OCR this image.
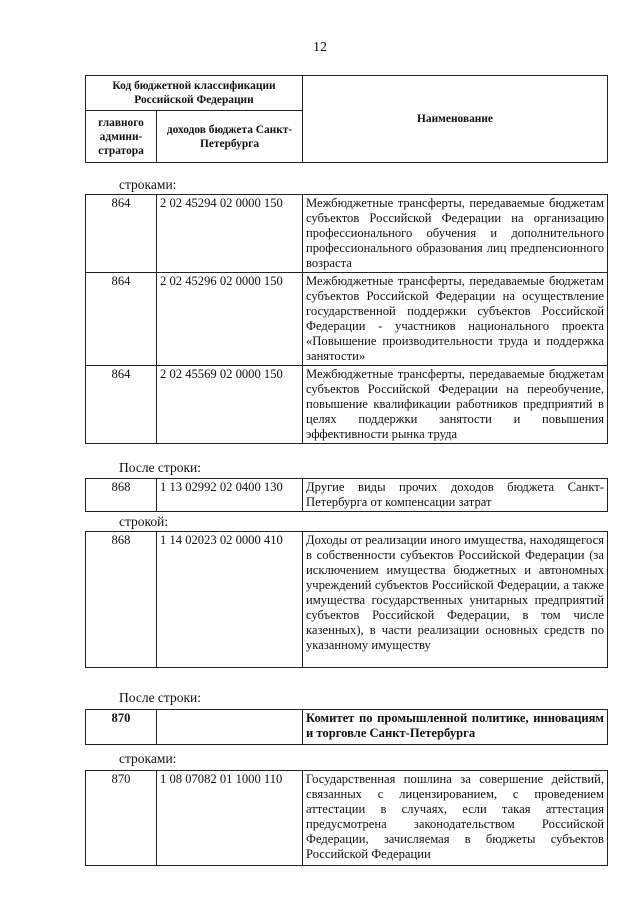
12
Код бюджетной классификации Российской Федерации		Наименование
главного админи-стратора	доходов бюджета Санкт-Петербурга	
строками:
864	2 02 45294 02 0000 150	Межбюджетные трансферты, передаваемые бюджетам субъектов Российской Федерации на организацию профессионального обучения и дополнительного профессионального образования лиц предпенсионного возраста

864	2 02 45296 02 0000 150	Межбюджетные трансферты, передаваемые бюджетам субъектов Российской Федерации на осуществление государственной поддержки субъектов Российской Федерации - участников национального проекта «Повышение производительности труда и поддержка занятости»

864	2 02 45569 02 0000 150	Межбюджетные трансферты, передаваемые бюджетам субъектов Российской Федерации на переобучение, повышение квалификации работников предприятий в целях поддержки занятости и повышения эффективности рынка труда
После строки:
868	1 13 02992 02 0400 130	Другие виды прочих доходов бюджета Санкт-Петербурга от компенсации затрат
строкой:
868	1 14 02023 02 0000 410	Доходы от реализации иного имущества, находящегося в собственности субъектов Российской Федерации (за исключением имущества бюджетных и автономных учреждений субъектов Российской Федерации, а также имущества государственных унитарных предприятий субъектов Российской Федерации, в том числе казенных), в части реализации основных средств по указанному имуществу
После строки:
870		Комитет по промышленной политике, инновациям и торговле Санкт-Петербурга
строками:
870	1 08 07082 01 1000 110	Государственная пошлина за совершение действий, связанных с лицензированием, с проведением аттестации в случаях, если такая аттестация предусмотрена законодательством Российской Федерации, зачисляемая в бюджеты субъектов Российской Федерации
